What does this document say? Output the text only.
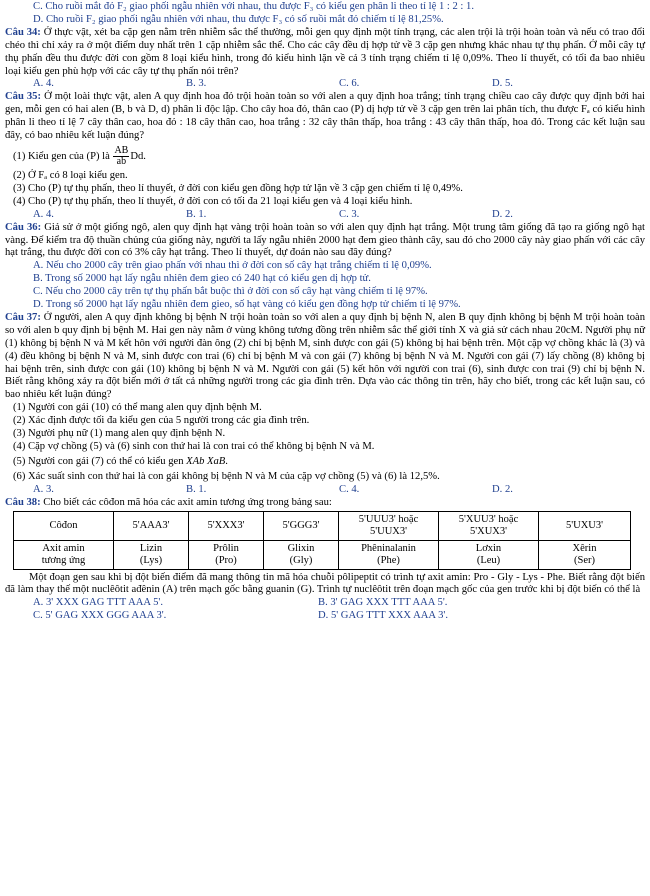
C. Cho ruồi mắt đỏ F₂ giao phối ngẫu nhiên với nhau, thu được F₃ có kiểu gen phân li theo tỉ lệ 1 : 2 : 1.

D. Cho ruồi F₂ giao phối ngẫu nhiên với nhau, thu được F₃ có số ruồi mắt đỏ chiếm tỉ lệ 81,25%.

Câu 34: Ở thực vật, xét ba cặp gen nằm trên nhiễm sắc thể thường, mỗi gen quy định một tính trạng, các alen trội là trội hoàn toàn và nếu có trao đổi chéo thì chỉ xảy ra ở một điểm duy nhất trên 1 cặp nhiễm sắc thể. Cho các cây đều dị hợp tử về 3 cặp gen nhưng khác nhau tự thụ phấn. Ở mỗi cây tự thụ phấn đều thu được đời con gồm 8 loại kiểu hình, trong đó kiểu hình lặn về cả 3 tính trạng chiếm tỉ lệ 0,09%. Theo lí thuyết, có tối đa bao nhiêu loại kiểu gen phù hợp với các cây tự thụ phấn nói trên?

A. 4.	B. 3.	C. 6.	D. 5.

Câu 35: Ở một loài thực vật, alen A quy định hoa đỏ trội hoàn toàn so với alen a quy định hoa trắng; tính trạng chiều cao cây được quy định bởi hai gen, mỗi gen có hai alen (B, b và D, d) phân li độc lập. Cho cây hoa đỏ, thân cao (P) dị hợp tử về 3 cặp gen trên lai phân tích, thu được Fₐ có kiểu hình phân li theo tỉ lệ 7 cây thân cao, hoa đỏ : 18 cây thân cao, hoa trắng : 32 cây thân thấp, hoa trắng : 43 cây thân thấp, hoa đỏ. Trong các kết luận sau đây, có bao nhiêu kết luận đúng?

(1) Kiểu gen của (P) là $\frac{AB}{ab} Dd$.

(2) Ở Fₐ có 8 loại kiểu gen.

(3) Cho (P) tự thụ phấn, theo lí thuyết, ở đời con kiểu gen đồng hợp tử lặn về 3 cặp gen chiếm tỉ lệ 0,49%.

(4) Cho (P) tự thụ phấn, theo lí thuyết, ở đời con có tối đa 21 loại kiểu gen và 4 loại kiểu hình.

A. 4.	B. 1.	C. 3.	D. 2.

Câu 36: Giả sử ở một giống ngô, alen quy định hạt vàng trội hoàn toàn so với alen quy định hạt trắng. Một trung tâm giống đã tạo ra giống ngô hạt vàng. Để kiểm tra độ thuần chủng của giống này, người ta lấy ngẫu nhiên 2000 hạt đem gieo thành cây, sau đó cho 2000 cây này giao phấn với các cây hạt trắng, thu được đời con có 3% cây hạt trắng. Theo lí thuyết, dự đoán nào sau đây đúng?

A. Nếu cho 2000 cây trên giao phấn với nhau thì ở đời con số cây hạt trắng chiếm tỉ lệ 0,09%.

B. Trong số 2000 hạt lấy ngẫu nhiên đem gieo có 240 hạt có kiểu gen dị hợp tử.

C. Nếu cho 2000 cây trên tự thụ phấn bắt buộc thì ở đời con số cây hạt vàng chiếm tỉ lệ 97%.

D. Trong số 2000 hạt lấy ngẫu nhiên đem gieo, số hạt vàng có kiểu gen đồng hợp tử chiếm tỉ lệ 97%.

Câu 37: Ở người, alen A quy định không bị bệnh N trội hoàn toàn so với alen a quy định bị bệnh N, alen B quy định không bị bệnh M trội hoàn toàn so với alen b quy định bị bệnh M. Hai gen này nằm ở vùng không tương đồng trên nhiễm sắc thể giới tính X và giả sử cách nhau 20cM. Người phụ nữ (1) không bị bệnh N và M kết hôn với người đàn ông (2) chỉ bị bệnh M, sinh được con gái (5) không bị hai bệnh trên. Một cặp vợ chồng khác là (3) và (4) đều không bị bệnh N và M, sinh được con trai (6) chỉ bị bệnh M và con gái (7) không bị bệnh N và M. Người con gái (7) lấy chồng (8) không bị hai bệnh trên, sinh được con gái (10) không bị bệnh N và M. Người con gái (5) kết hôn với người con trai (6), sinh được con trai (9) chỉ bị bệnh N. Biết rằng không xảy ra đột biến mới ở tất cả những người trong các gia đình trên. Dựa vào các thông tin trên, hãy cho biết, trong các kết luận sau, có bao nhiêu kết luận đúng?

(1) Người con gái (10) có thể mang alen quy định bệnh M.

(2) Xác định được tối đa kiểu gen của 5 người trong các gia đình trên.

(3) Người phụ nữ (1) mang alen quy định bệnh N.

(4) Cặp vợ chồng (5) và (6) sinh con thứ hai là con trai có thể không bị bệnh N và M.

(5) Người con gái (7) có thể có kiểu gen XAb XaB.

(6) Xác suất sinh con thứ hai là con gái không bị bệnh N và M của cặp vợ chồng (5) và (6) là 12,5%.

A. 3.	B. 1.	C. 4.	D. 2.

Câu 38: Cho biết các côđon mã hóa các axit amin tương ứng trong bảng sau:

Côđon	5'AAA3'	5'XXX3'	5'GGG3'	5'UUU3' hoặc
5'UUX3'	5'XUU3' hoặc
5'XUX3'	5'UXU3'
Axit amin
tương ứng	Lizin
(Lys)	Prôlin
(Pro)	Glixin
(Gly)	Phêninalanin
(Phe)	Lơxin
(Leu)	Xêrin
(Ser)

Một đoạn gen sau khi bị đột biến điểm đã mang thông tin mã hóa chuỗi pôlipeptit có trình tự axit amin: Pro - Gly - Lys - Phe. Biết rằng đột biến đã làm thay thế một nuclêôtit ađênin (A) trên mạch gốc bằng guanin (G). Trình tự nuclêôtit trên đoạn mạch gốc của gen trước khi bị đột biến có thể là

A. 3' XXX GAG TTT AAA 5'.	B. 3' GAG XXX TTT AAA 5'.
C. 5' GAG XXX GGG AAA 3'.	D. 5' GAG TTT XXX AAA 3'.
